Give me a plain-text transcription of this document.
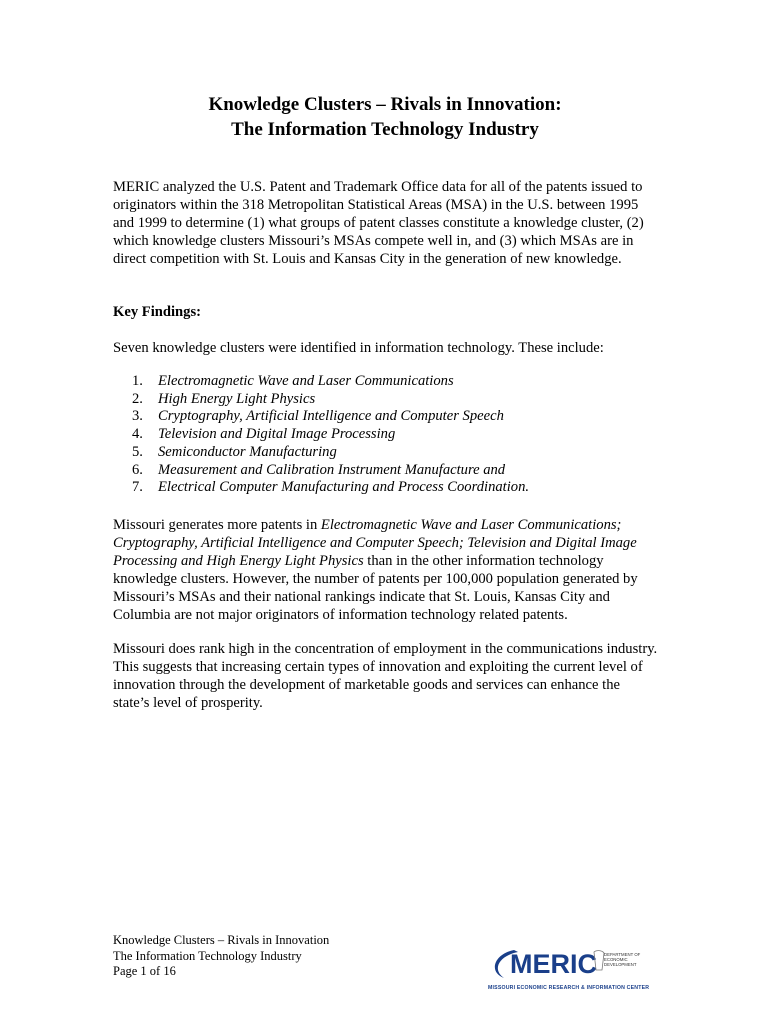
Knowledge Clusters – Rivals in Innovation:
The Information Technology Industry

MERIC analyzed the U.S. Patent and Trademark Office data for all of the patents issued to originators within the 318 Metropolitan Statistical Areas (MSA) in the U.S. between 1995 and 1999 to determine (1) what groups of patent classes constitute a knowledge cluster, (2) which knowledge clusters Missouri’s MSAs compete well in, and (3) which MSAs are in direct competition with St. Louis and Kansas City in the generation of new knowledge.

Key Findings:

Seven knowledge clusters were identified in information technology. These include:

1.	Electromagnetic Wave and Laser Communications
2.	High Energy Light Physics
3.	Cryptography, Artificial Intelligence and Computer Speech
4.	Television and Digital Image Processing
5.	Semiconductor Manufacturing
6.	Measurement and Calibration Instrument Manufacture and
7.	Electrical Computer Manufacturing and Process Coordination.

Missouri generates more patents in Electromagnetic Wave and Laser Communications; Cryptography, Artificial Intelligence and Computer Speech; Television and Digital Image Processing and High Energy Light Physics than in the other information technology knowledge clusters. However, the number of patents per 100,000 population generated by Missouri’s MSAs and their national rankings indicate that St. Louis, Kansas City and Columbia are not major originators of information technology related patents.

Missouri does rank high in the concentration of employment in the communications industry. This suggests that increasing certain types of innovation and exploiting the current level of innovation through the development of marketable goods and services can enhance the state’s level of prosperity.

Knowledge Clusters – Rivals in Innovation
The Information Technology Industry
Page 1 of 16	MERIC DEPARTMENT OF
ECONOMIC
DEVELOPMENT
MISSOURI ECONOMIC RESEARCH & INFORMATION CENTER
